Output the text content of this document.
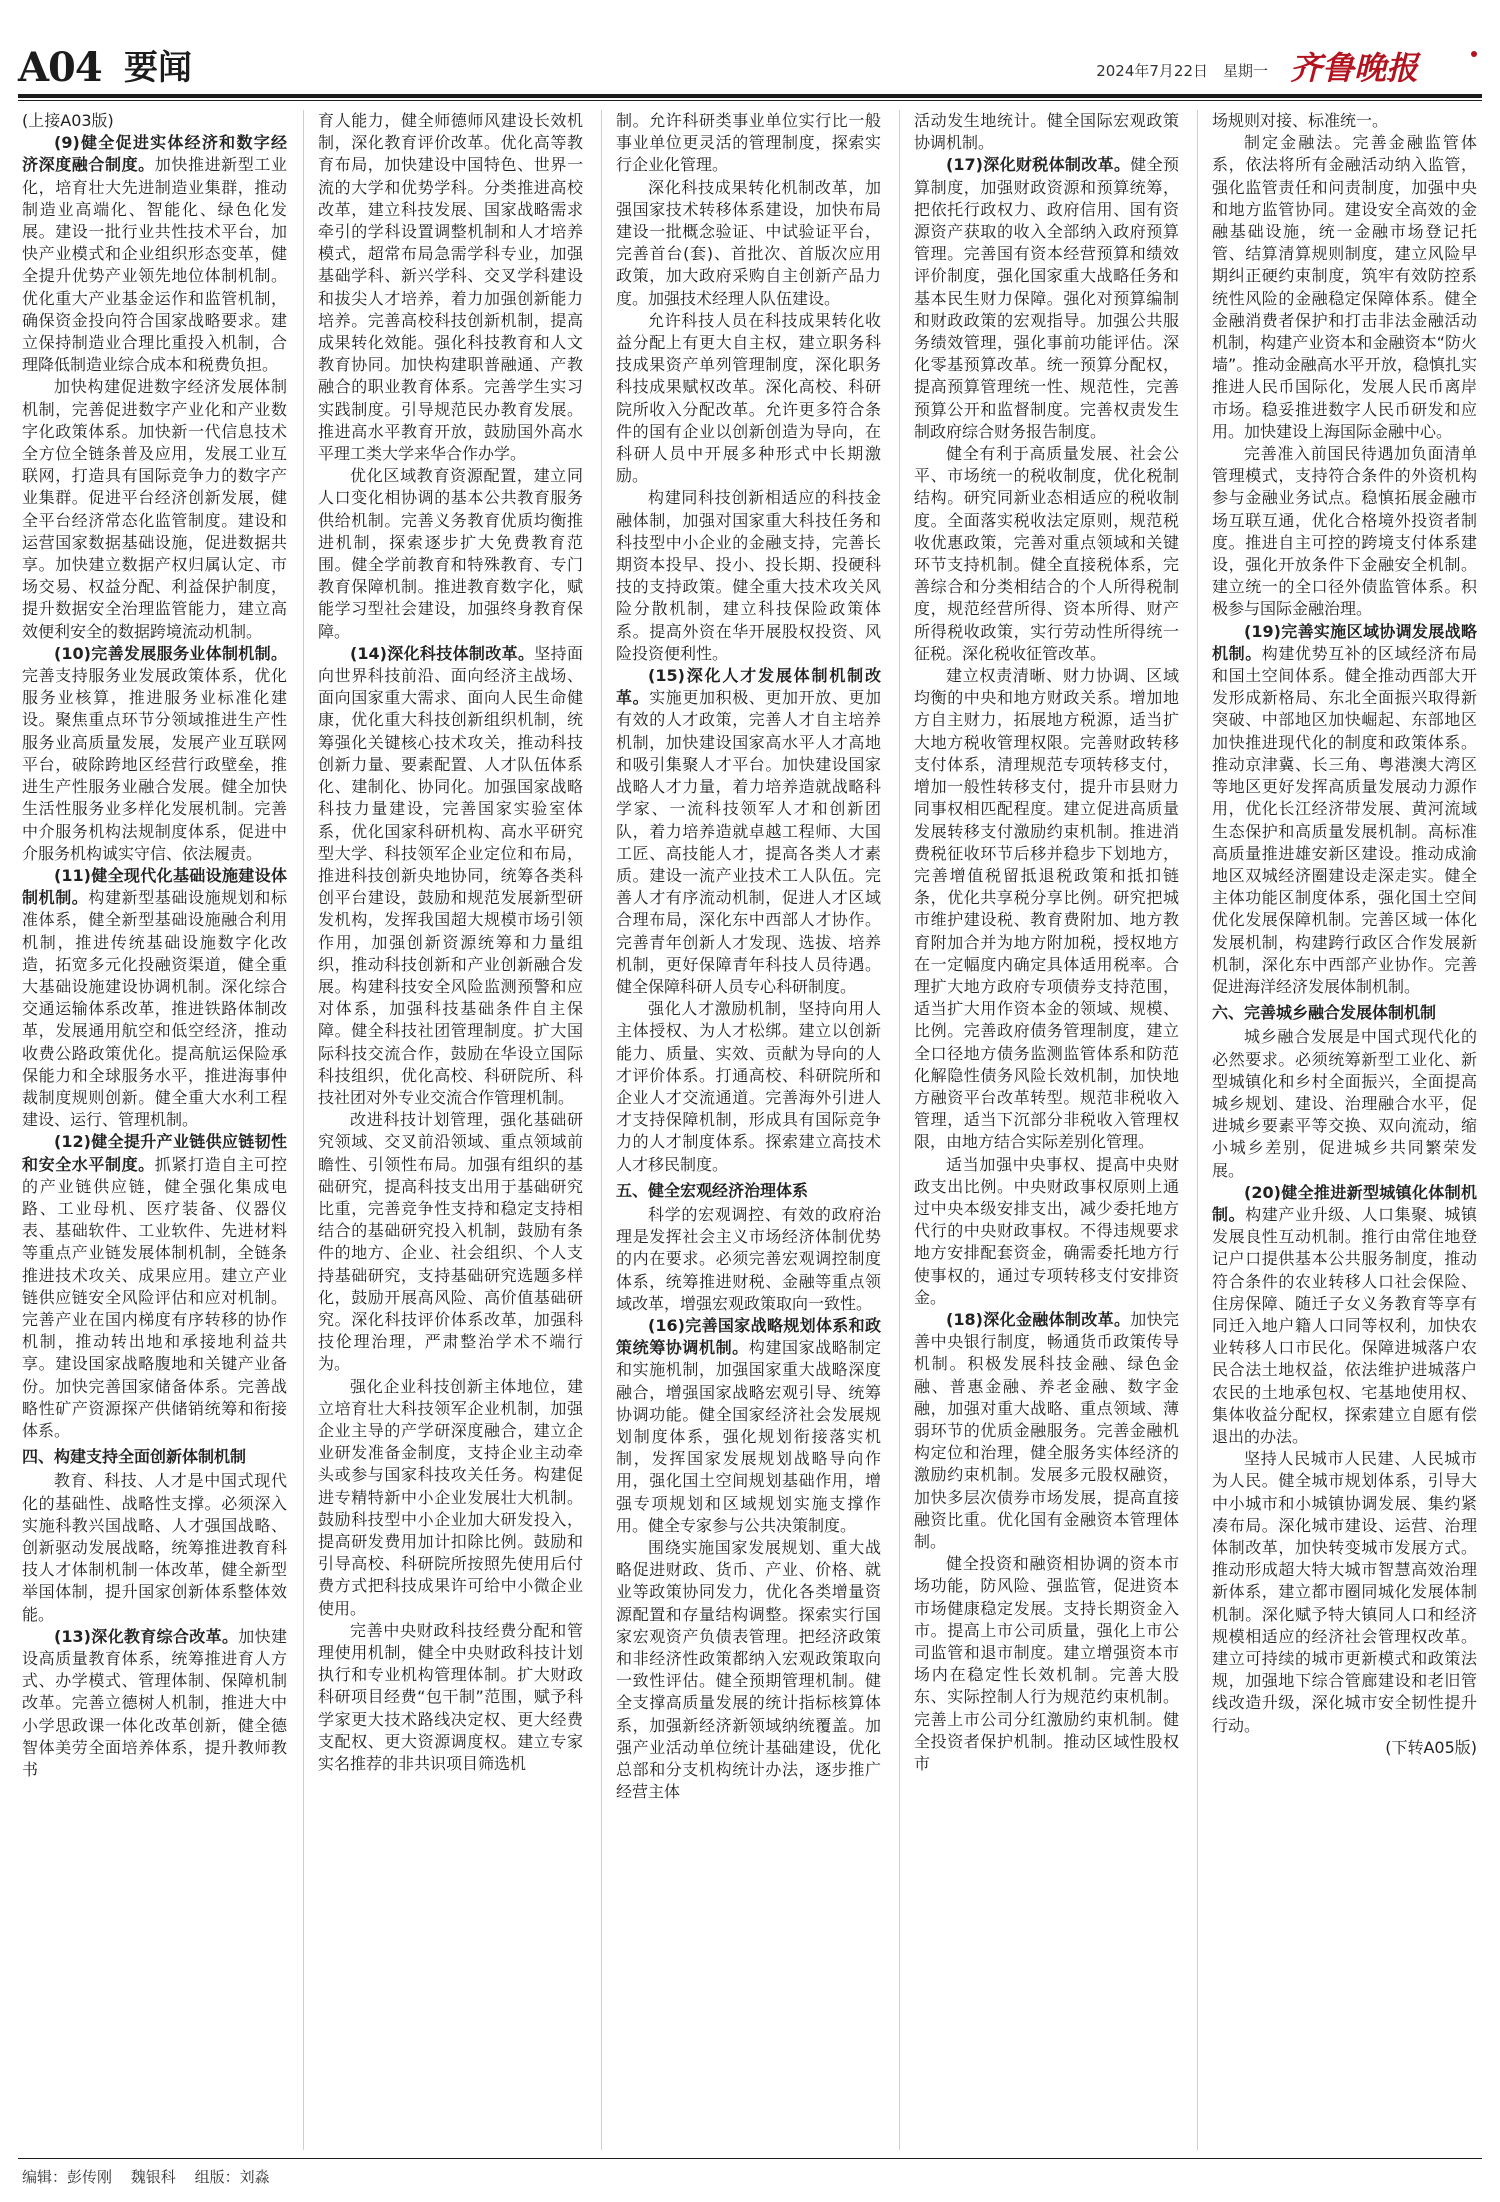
A04 要闻	2024年7月22日 星期一 齐鲁晚报

(上接A03版)

(9)健全促进实体经济和数字经济深度融合制度。加快推进新型工业化，培育壮大先进制造业集群，推动制造业高端化、智能化、绿色化发展。建设一批行业共性技术平台，加快产业模式和企业组织形态变革，健全提升优势产业领先地位体制机制。优化重大产业基金运作和监管机制，确保资金投向符合国家战略要求。建立保持制造业合理比重投入机制，合理降低制造业综合成本和税费负担。

加快构建促进数字经济发展体制机制，完善促进数字产业化和产业数字化政策体系。加快新一代信息技术全方位全链条普及应用，发展工业互联网，打造具有国际竞争力的数字产业集群。促进平台经济创新发展，健全平台经济常态化监管制度。建设和运营国家数据基础设施，促进数据共享。加快建立数据产权归属认定、市场交易、权益分配、利益保护制度，提升数据安全治理监管能力，建立高效便利安全的数据跨境流动机制。

(10)完善发展服务业体制机制。完善支持服务业发展政策体系，优化服务业核算，推进服务业标准化建设。聚焦重点环节分领域推进生产性服务业高质量发展，发展产业互联网平台，破除跨地区经营行政壁垒，推进生产性服务业融合发展。健全加快生活性服务业多样化发展机制。完善中介服务机构法规制度体系，促进中介服务机构诚实守信、依法履责。

(11)健全现代化基础设施建设体制机制。构建新型基础设施规划和标准体系，健全新型基础设施融合利用机制，推进传统基础设施数字化改造，拓宽多元化投融资渠道，健全重大基础设施建设协调机制。深化综合交通运输体系改革，推进铁路体制改革，发展通用航空和低空经济，推动收费公路政策优化。提高航运保险承保能力和全球服务水平，推进海事仲裁制度规则创新。健全重大水利工程建设、运行、管理机制。

(12)健全提升产业链供应链韧性和安全水平制度。抓紧打造自主可控的产业链供应链，健全强化集成电路、工业母机、医疗装备、仪器仪表、基础软件、工业软件、先进材料等重点产业链发展体制机制，全链条推进技术攻关、成果应用。建立产业链供应链安全风险评估和应对机制。完善产业在国内梯度有序转移的协作机制，推动转出地和承接地利益共享。建设国家战略腹地和关键产业备份。加快完善国家储备体系。完善战略性矿产资源探产供储销统筹和衔接体系。

四、构建支持全面创新体制机制

教育、科技、人才是中国式现代化的基础性、战略性支撑。必须深入实施科教兴国战略、人才强国战略、创新驱动发展战略，统筹推进教育科技人才体制机制一体改革，健全新型举国体制，提升国家创新体系整体效能。

(13)深化教育综合改革。加快建设高质量教育体系，统筹推进育人方式、办学模式、管理体制、保障机制改革。完善立德树人机制，推进大中小学思政课一体化改革创新，健全德智体美劳全面培养体系，提升教师教书

育人能力，健全师德师风建设长效机制，深化教育评价改革。优化高等教育布局，加快建设中国特色、世界一流的大学和优势学科。分类推进高校改革，建立科技发展、国家战略需求牵引的学科设置调整机制和人才培养模式，超常布局急需学科专业，加强基础学科、新兴学科、交叉学科建设和拔尖人才培养，着力加强创新能力培养。完善高校科技创新机制，提高成果转化效能。强化科技教育和人文教育协同。加快构建职普融通、产教融合的职业教育体系。完善学生实习实践制度。引导规范民办教育发展。推进高水平教育开放，鼓励国外高水平理工类大学来华合作办学。

优化区域教育资源配置，建立同人口变化相协调的基本公共教育服务供给机制。完善义务教育优质均衡推进机制，探索逐步扩大免费教育范围。健全学前教育和特殊教育、专门教育保障机制。推进教育数字化，赋能学习型社会建设，加强终身教育保障。

(14)深化科技体制改革。坚持面向世界科技前沿、面向经济主战场、面向国家重大需求、面向人民生命健康，优化重大科技创新组织机制，统筹强化关键核心技术攻关，推动科技创新力量、要素配置、人才队伍体系化、建制化、协同化。加强国家战略科技力量建设，完善国家实验室体系，优化国家科研机构、高水平研究型大学、科技领军企业定位和布局，推进科技创新央地协同，统筹各类科创平台建设，鼓励和规范发展新型研发机构，发挥我国超大规模市场引领作用，加强创新资源统筹和力量组织，推动科技创新和产业创新融合发展。构建科技安全风险监测预警和应对体系，加强科技基础条件自主保障。健全科技社团管理制度。扩大国际科技交流合作，鼓励在华设立国际科技组织，优化高校、科研院所、科技社团对外专业交流合作管理机制。

改进科技计划管理，强化基础研究领域、交叉前沿领域、重点领域前瞻性、引领性布局。加强有组织的基础研究，提高科技支出用于基础研究比重，完善竞争性支持和稳定支持相结合的基础研究投入机制，鼓励有条件的地方、企业、社会组织、个人支持基础研究，支持基础研究选题多样化，鼓励开展高风险、高价值基础研究。深化科技评价体系改革，加强科技伦理治理，严肃整治学术不端行为。

强化企业科技创新主体地位，建立培育壮大科技领军企业机制，加强企业主导的产学研深度融合，建立企业研发准备金制度，支持企业主动牵头或参与国家科技攻关任务。构建促进专精特新中小企业发展壮大机制。鼓励科技型中小企业加大研发投入，提高研发费用加计扣除比例。鼓励和引导高校、科研院所按照先使用后付费方式把科技成果许可给中小微企业使用。

完善中央财政科技经费分配和管理使用机制，健全中央财政科技计划执行和专业机构管理体制。扩大财政科研项目经费“包干制”范围，赋予科学家更大技术路线决定权、更大经费支配权、更大资源调度权。建立专家实名推荐的非共识项目筛选机

制。允许科研类事业单位实行比一般事业单位更灵活的管理制度，探索实行企业化管理。

深化科技成果转化机制改革，加强国家技术转移体系建设，加快布局建设一批概念验证、中试验证平台，完善首台(套)、首批次、首版次应用政策，加大政府采购自主创新产品力度。加强技术经理人队伍建设。

允许科技人员在科技成果转化收益分配上有更大自主权，建立职务科技成果资产单列管理制度，深化职务科技成果赋权改革。深化高校、科研院所收入分配改革。允许更多符合条件的国有企业以创新创造为导向，在科研人员中开展多种形式中长期激励。

构建同科技创新相适应的科技金融体制，加强对国家重大科技任务和科技型中小企业的金融支持，完善长期资本投早、投小、投长期、投硬科技的支持政策。健全重大技术攻关风险分散机制，建立科技保险政策体系。提高外资在华开展股权投资、风险投资便利性。

(15)深化人才发展体制机制改革。实施更加积极、更加开放、更加有效的人才政策，完善人才自主培养机制，加快建设国家高水平人才高地和吸引集聚人才平台。加快建设国家战略人才力量，着力培养造就战略科学家、一流科技领军人才和创新团队，着力培养造就卓越工程师、大国工匠、高技能人才，提高各类人才素质。建设一流产业技术工人队伍。完善人才有序流动机制，促进人才区域合理布局，深化东中西部人才协作。完善青年创新人才发现、选拔、培养机制，更好保障青年科技人员待遇。健全保障科研人员专心科研制度。

强化人才激励机制，坚持向用人主体授权、为人才松绑。建立以创新能力、质量、实效、贡献为导向的人才评价体系。打通高校、科研院所和企业人才交流通道。完善海外引进人才支持保障机制，形成具有国际竞争力的人才制度体系。探索建立高技术人才移民制度。

五、健全宏观经济治理体系

科学的宏观调控、有效的政府治理是发挥社会主义市场经济体制优势的内在要求。必须完善宏观调控制度体系，统筹推进财税、金融等重点领域改革，增强宏观政策取向一致性。

(16)完善国家战略规划体系和政策统筹协调机制。构建国家战略制定和实施机制，加强国家重大战略深度融合，增强国家战略宏观引导、统筹协调功能。健全国家经济社会发展规划制度体系，强化规划衔接落实机制，发挥国家发展规划战略导向作用，强化国土空间规划基础作用，增强专项规划和区域规划实施支撑作用。健全专家参与公共决策制度。

围绕实施国家发展规划、重大战略促进财政、货币、产业、价格、就业等政策协同发力，优化各类增量资源配置和存量结构调整。探索实行国家宏观资产负债表管理。把经济政策和非经济性政策都纳入宏观政策取向一致性评估。健全预期管理机制。健全支撑高质量发展的统计指标核算体系，加强新经济新领域纳统覆盖。加强产业活动单位统计基础建设，优化总部和分支机构统计办法，逐步推广经营主体

活动发生地统计。健全国际宏观政策协调机制。

(17)深化财税体制改革。健全预算制度，加强财政资源和预算统筹，把依托行政权力、政府信用、国有资源资产获取的收入全部纳入政府预算管理。完善国有资本经营预算和绩效评价制度，强化国家重大战略任务和基本民生财力保障。强化对预算编制和财政政策的宏观指导。加强公共服务绩效管理，强化事前功能评估。深化零基预算改革。统一预算分配权，提高预算管理统一性、规范性，完善预算公开和监督制度。完善权责发生制政府综合财务报告制度。

健全有利于高质量发展、社会公平、市场统一的税收制度，优化税制结构。研究同新业态相适应的税收制度。全面落实税收法定原则，规范税收优惠政策，完善对重点领域和关键环节支持机制。健全直接税体系，完善综合和分类相结合的个人所得税制度，规范经营所得、资本所得、财产所得税收政策，实行劳动性所得统一征税。深化税收征管改革。

建立权责清晰、财力协调、区域均衡的中央和地方财政关系。增加地方自主财力，拓展地方税源，适当扩大地方税收管理权限。完善财政转移支付体系，清理规范专项转移支付，增加一般性转移支付，提升市县财力同事权相匹配程度。建立促进高质量发展转移支付激励约束机制。推进消费税征收环节后移并稳步下划地方，完善增值税留抵退税政策和抵扣链条，优化共享税分享比例。研究把城市维护建设税、教育费附加、地方教育附加合并为地方附加税，授权地方在一定幅度内确定具体适用税率。合理扩大地方政府专项债券支持范围，适当扩大用作资本金的领域、规模、比例。完善政府债务管理制度，建立全口径地方债务监测监管体系和防范化解隐性债务风险长效机制，加快地方融资平台改革转型。规范非税收入管理，适当下沉部分非税收入管理权限，由地方结合实际差别化管理。

适当加强中央事权、提高中央财政支出比例。中央财政事权原则上通过中央本级安排支出，减少委托地方代行的中央财政事权。不得违规要求地方安排配套资金，确需委托地方行使事权的，通过专项转移支付安排资金。

(18)深化金融体制改革。加快完善中央银行制度，畅通货币政策传导机制。积极发展科技金融、绿色金融、普惠金融、养老金融、数字金融，加强对重大战略、重点领域、薄弱环节的优质金融服务。完善金融机构定位和治理，健全服务实体经济的激励约束机制。发展多元股权融资，加快多层次债券市场发展，提高直接融资比重。优化国有金融资本管理体制。

健全投资和融资相协调的资本市场功能，防风险、强监管，促进资本市场健康稳定发展。支持长期资金入市。提高上市公司质量，强化上市公司监管和退市制度。建立增强资本市场内在稳定性长效机制。完善大股东、实际控制人行为规范约束机制。完善上市公司分红激励约束机制。健全投资者保护机制。推动区域性股权市

场规则对接、标准统一。

制定金融法。完善金融监管体系，依法将所有金融活动纳入监管，强化监管责任和问责制度，加强中央和地方监管协同。建设安全高效的金融基础设施，统一金融市场登记托管、结算清算规则制度，建立风险早期纠正硬约束制度，筑牢有效防控系统性风险的金融稳定保障体系。健全金融消费者保护和打击非法金融活动机制，构建产业资本和金融资本“防火墙”。推动金融高水平开放，稳慎扎实推进人民币国际化，发展人民币离岸市场。稳妥推进数字人民币研发和应用。加快建设上海国际金融中心。

完善准入前国民待遇加负面清单管理模式，支持符合条件的外资机构参与金融业务试点。稳慎拓展金融市场互联互通，优化合格境外投资者制度。推进自主可控的跨境支付体系建设，强化开放条件下金融安全机制。建立统一的全口径外债监管体系。积极参与国际金融治理。

(19)完善实施区域协调发展战略机制。构建优势互补的区域经济布局和国土空间体系。健全推动西部大开发形成新格局、东北全面振兴取得新突破、中部地区加快崛起、东部地区加快推进现代化的制度和政策体系。推动京津冀、长三角、粤港澳大湾区等地区更好发挥高质量发展动力源作用，优化长江经济带发展、黄河流域生态保护和高质量发展机制。高标准高质量推进雄安新区建设。推动成渝地区双城经济圈建设走深走实。健全主体功能区制度体系，强化国土空间优化发展保障机制。完善区域一体化发展机制，构建跨行政区合作发展新机制，深化东中西部产业协作。完善促进海洋经济发展体制机制。

六、完善城乡融合发展体制机制

城乡融合发展是中国式现代化的必然要求。必须统筹新型工业化、新型城镇化和乡村全面振兴，全面提高城乡规划、建设、治理融合水平，促进城乡要素平等交换、双向流动，缩小城乡差别，促进城乡共同繁荣发展。

(20)健全推进新型城镇化体制机制。构建产业升级、人口集聚、城镇发展良性互动机制。推行由常住地登记户口提供基本公共服务制度，推动符合条件的农业转移人口社会保险、住房保障、随迁子女义务教育等享有同迁入地户籍人口同等权利，加快农业转移人口市民化。保障进城落户农民合法土地权益，依法维护进城落户农民的土地承包权、宅基地使用权、集体收益分配权，探索建立自愿有偿退出的办法。

坚持人民城市人民建、人民城市为人民。健全城市规划体系，引导大中小城市和小城镇协调发展、集约紧凑布局。深化城市建设、运营、治理体制改革，加快转变城市发展方式。推动形成超大特大城市智慧高效治理新体系，建立都市圈同城化发展体制机制。深化赋予特大镇同人口和经济规模相适应的经济社会管理权改革。建立可持续的城市更新模式和政策法规，加强地下综合管廊建设和老旧管线改造升级，深化城市安全韧性提升行动。

(下转A05版)

编辑：彭传刚 魏银科 组版：刘淼
